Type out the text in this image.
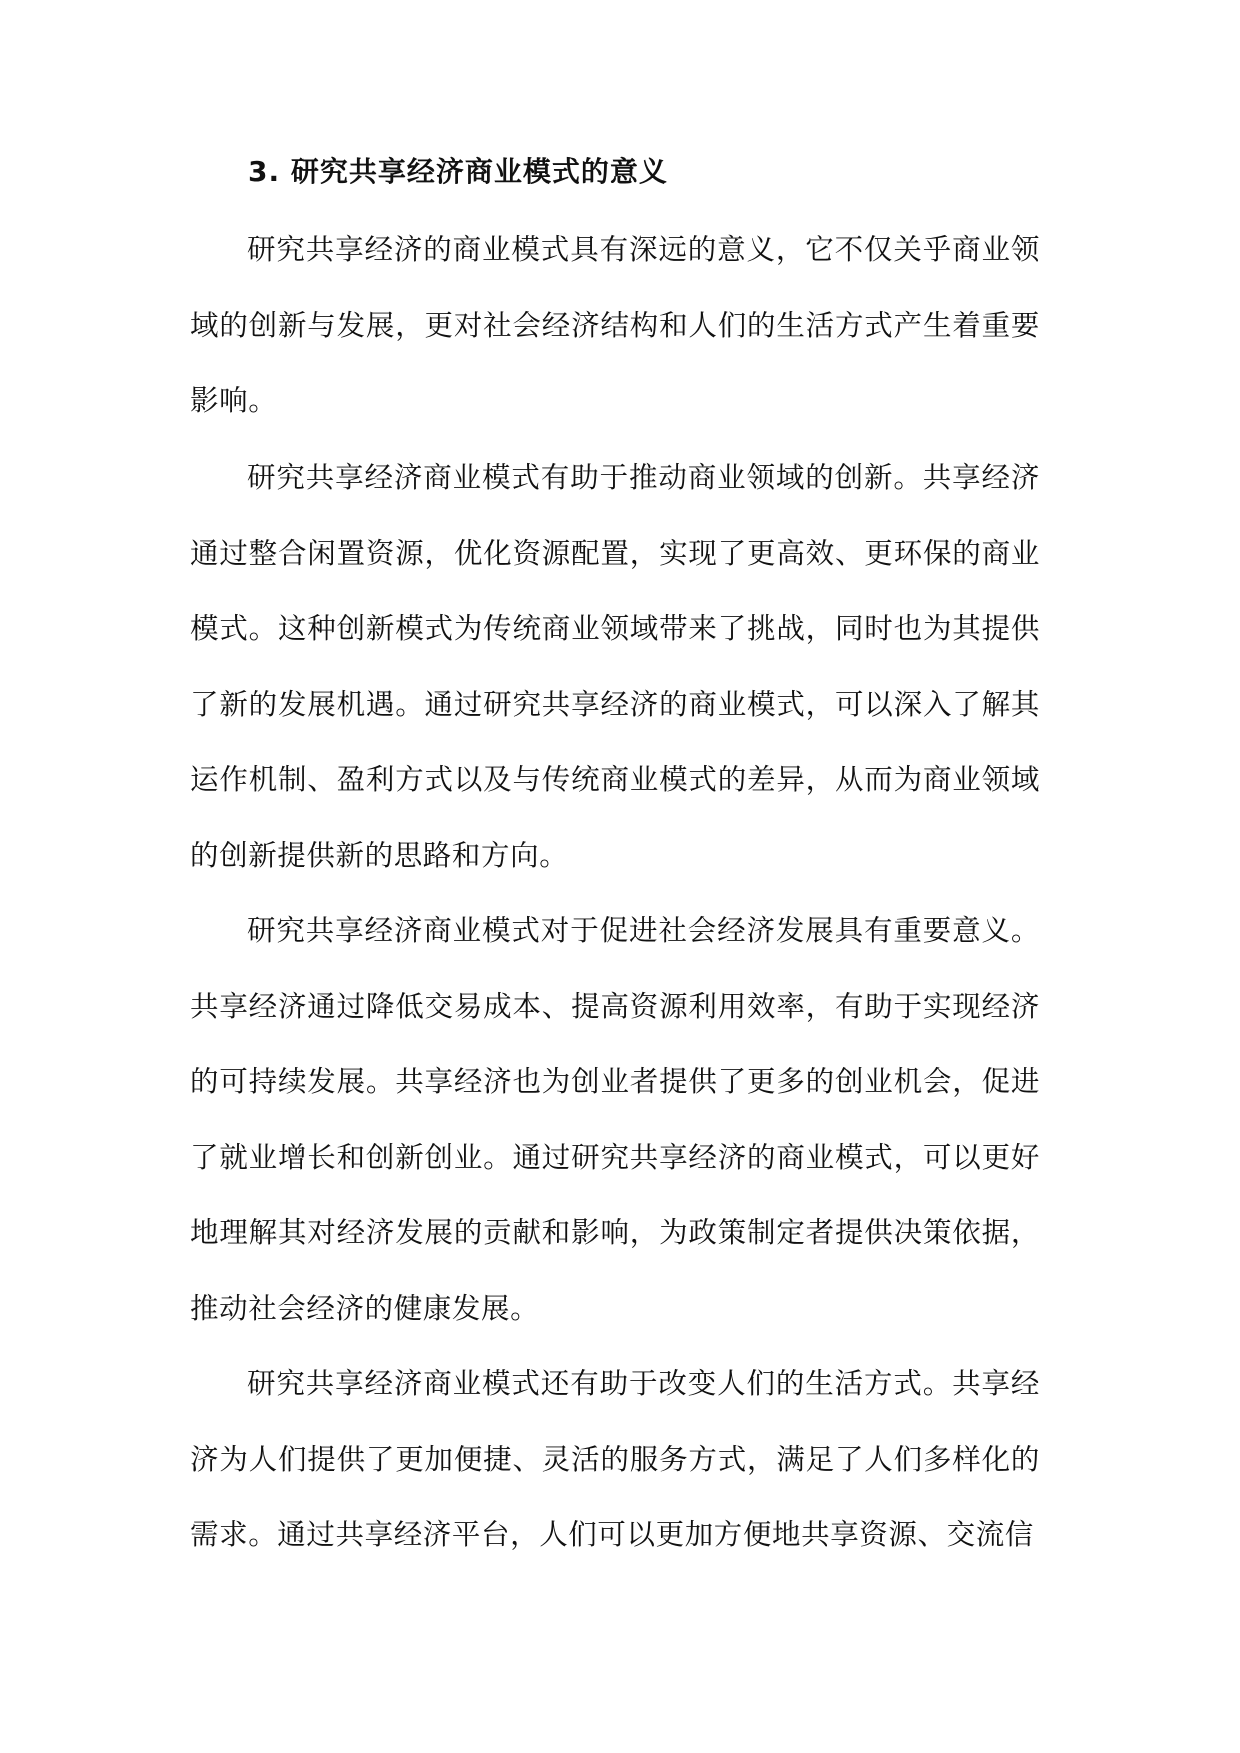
3. 研究共享经济商业模式的意义

研究共享经济的商业模式具有深远的意义，它不仅关乎商业领域的创新与发展，更对社会经济结构和人们的生活方式产生着重要影响。

研究共享经济商业模式有助于推动商业领域的创新。共享经济通过整合闲置资源，优化资源配置，实现了更高效、更环保的商业模式。这种创新模式为传统商业领域带来了挑战，同时也为其提供了新的发展机遇。通过研究共享经济的商业模式，可以深入了解其运作机制、盈利方式以及与传统商业模式的差异，从而为商业领域的创新提供新的思路和方向。

研究共享经济商业模式对于促进社会经济发展具有重要意义。共享经济通过降低交易成本、提高资源利用效率，有助于实现经济的可持续发展。共享经济也为创业者提供了更多的创业机会，促进了就业增长和创新创业。通过研究共享经济的商业模式，可以更好地理解其对经济发展的贡献和影响，为政策制定者提供决策依据，推动社会经济的健康发展。

研究共享经济商业模式还有助于改变人们的生活方式。共享经济为人们提供了更加便捷、灵活的服务方式，满足了人们多样化的需求。通过共享经济平台，人们可以更加方便地共享资源、交流信
